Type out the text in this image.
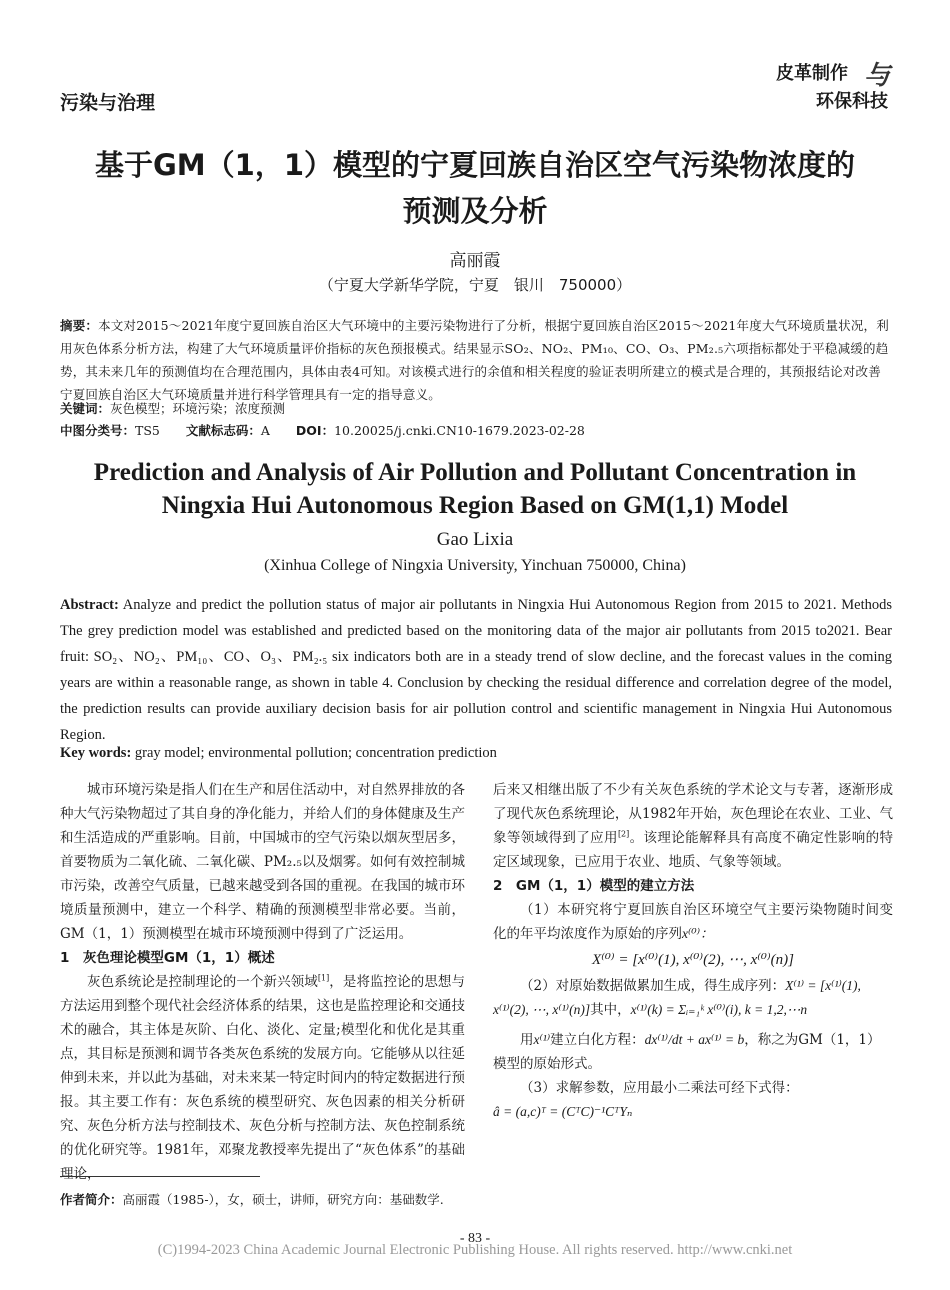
污染与治理
皮革制作
环保科技
与
基于GM（1，1）模型的宁夏回族自治区空气污染物浓度的
预测及分析
高丽霞
（宁夏大学新华学院，宁夏　银川　750000）
摘要：本文对2015～2021年度宁夏回族自治区大气环境中的主要污染物进行了分析，根据宁夏回族自治区2015～2021年度大气环境质量状况，利用灰色体系分析方法，构建了大气环境质量评价指标的灰色预报模式。结果显示SO₂、NO₂、PM₁₀、CO、O₃、PM₂.₅六项指标都处于平稳减缓的趋势，其未来几年的预测值均在合理范围内，具体由表4可知。对该模式进行的余值和相关程度的验证表明所建立的模式是合理的，其预报结论对改善宁夏回族自治区大气环境质量并进行科学管理具有一定的指导意义。
关键词：灰色模型；环境污染；浓度预测
中图分类号：TS5 文献标志码：A DOI：10.20025/j.cnki.CN10-1679.2023-02-28
Prediction and Analysis of Air Pollution and Pollutant Concentration in
Ningxia Hui Autonomous Region Based on GM(1,1) Model
Gao Lixia
(Xinhua College of Ningxia University, Yinchuan 750000, China)
Abstract: Analyze and predict the pollution status of major air pollutants in Ningxia Hui Autonomous Region from 2015 to 2021. Methods The grey prediction model was established and predicted based on the monitoring data of the major air pollutants from 2015 to2021. Bear fruit: SO₂、NO₂、PM₁₀、CO、O₃、PM₂.₅ six indicators both are in a steady trend of slow decline, and the forecast values in the coming years are within a reasonable range, as shown in table 4. Conclusion by checking the residual difference and correlation degree of the model, the prediction results can provide auxiliary decision basis for air pollution control and scientific management in Ningxia Hui Autonomous Region.
Key words: gray model; environmental pollution; concentration prediction

城市环境污染是指人们在生产和居住活动中，对自然界排放的各种大气污染物超过了其自身的净化能力，并给人们的身体健康及生产和生活造成的严重影响。目前，中国城市的空气污染以烟灰型居多，首要物质为二氧化硫、二氧化碳、PM₂.₅以及烟雾。如何有效控制城市污染，改善空气质量，已越来越受到各国的重视。在我国的城市环境质量预测中，建立一个科学、精确的预测模型非常必要。当前，GM（1，1）预测模型在城市环境预测中得到了广泛运用。

1　灰色理论模型GM（1，1）概述

灰色系统论是控制理论的一个新兴领域[1]，是将监控论的思想与方法运用到整个现代社会经济体系的结果，这也是监控理论和交通技术的融合，其主体是灰阶、白化、淡化、定量;模型化和优化是其重点，其目标是预测和调节各类灰色系统的发展方向。它能够从以往延伸到未来，并以此为基础，对未来某一特定时间内的特定数据进行预报。其主要工作有：灰色系统的模型研究、灰色因素的相关分析研究、灰色分析方法与控制技术、灰色分析与控制方法、灰色控制系统的优化研究等。1981年，邓聚龙教授率先提出了“灰色体系”的基础理论，

后来又相继出版了不少有关灰色系统的学术论文与专著，逐渐形成了现代灰色系统理论，从1982年开始，灰色理论在农业、工业、气象等领域得到了应用[2]。该理论能解释具有高度不确定性影响的特定区域现象，已应用于农业、地质、气象等领域。

2　GM（1，1）模型的建立方法

（1）本研究将宁夏回族自治区环境空气主要污染物随时间变化的年平均浓度作为原始的序列x⁽⁰⁾：

X⁽⁰⁾ = [x⁽⁰⁾(1), x⁽⁰⁾(2), ⋯, x⁽⁰⁾(n)]

（2）对原始数据做累加生成，得生成序列：X⁽¹⁾ = [x⁽¹⁾(1),

x⁽¹⁾(2), ⋯, x⁽¹⁾(n)]其中，x⁽¹⁾(k) = Σᵢ₌₁ᵏ x⁽⁰⁾(i), k = 1,2,⋯n

用x⁽¹⁾建立白化方程：dx⁽¹⁾/dt + ax⁽¹⁾ = b，称之为GM（1，1）

模型的原始形式。

（3）求解参数，应用最小二乘法可经下式得：

â = (a,c)ᵀ = (CᵀC)⁻¹CᵀYₙ

作者简介：高丽霞（1985-），女，硕士，讲师，研究方向：基础数学.
- 83 -
(C)1994-2023 China Academic Journal Electronic Publishing House. All rights reserved. http://www.cnki.net
